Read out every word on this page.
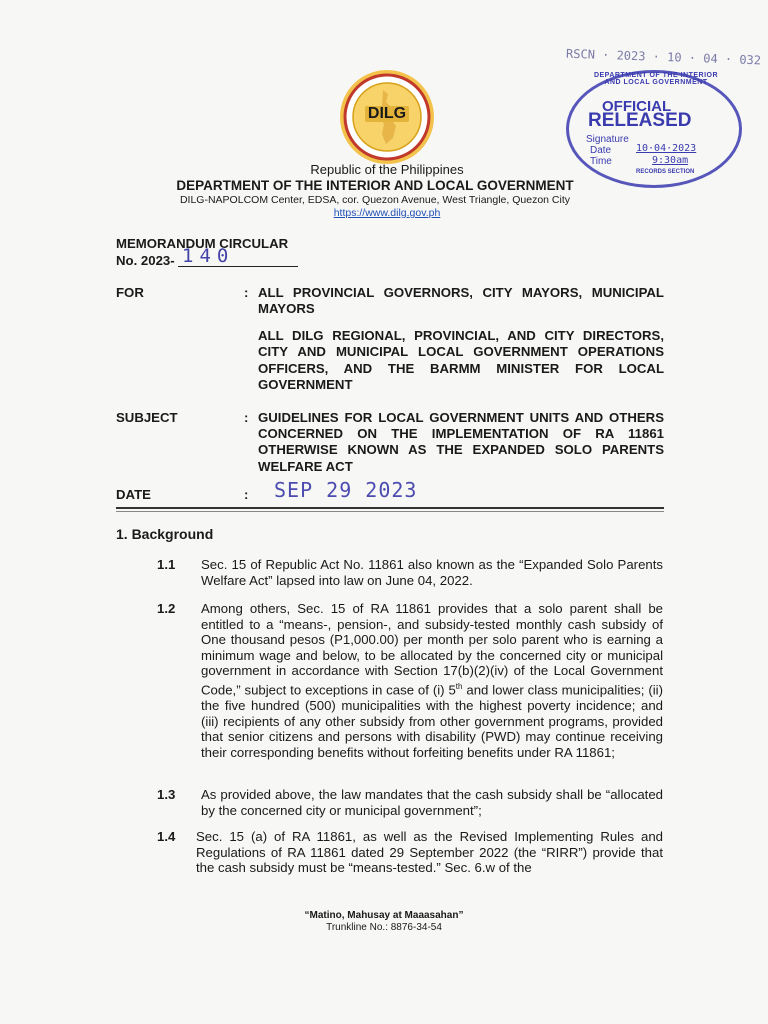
RSCN · 2023 · 10 · 04 · 032
DILG
DEPARTMENT OF THE INTERIOR AND LOCAL GOVERNMENT
OFFICIAL
RELEASED
Signature
Date 10·04·2023
Time	9:30am
RECORDS SECTION
Republic of the Philippines
DEPARTMENT OF THE INTERIOR AND LOCAL GOVERNMENT
DILG-NAPOLCOM Center, EDSA, cor. Quezon Avenue, West Triangle, Quezon City
https://www.dilg.gov.ph
MEMORANDUM CIRCULAR
No. 2023- 140
FOR	: ALL PROVINCIAL GOVERNORS, CITY MAYORS, MUNICIPAL MAYORS
ALL DILG REGIONAL, PROVINCIAL, AND CITY DIRECTORS, CITY AND MUNICIPAL LOCAL GOVERNMENT OPERATIONS OFFICERS, AND THE BARMM MINISTER FOR LOCAL GOVERNMENT
SUBJECT	: GUIDELINES FOR LOCAL GOVERNMENT UNITS AND OTHERS CONCERNED ON THE IMPLEMENTATION OF RA 11861 OTHERWISE KNOWN AS THE EXPANDED SOLO PARENTS WELFARE ACT
DATE	: SEP 29 2023
1. Background
1.1 Sec. 15 of Republic Act No. 11861 also known as the “Expanded Solo Parents Welfare Act” lapsed into law on June 04, 2022.
1.2 Among others, Sec. 15 of RA 11861 provides that a solo parent shall be entitled to a “means-, pension-, and subsidy-tested monthly cash subsidy of One thousand pesos (P1,000.00) per month per solo parent who is earning a minimum wage and below, to be allocated by the concerned city or municipal government in accordance with Section 17(b)(2)(iv) of the Local Government Code,” subject to exceptions in case of (i) 5th and lower class municipalities; (ii) the five hundred (500) municipalities with the highest poverty incidence; and (iii) recipients of any other subsidy from other government programs, provided that senior citizens and persons with disability (PWD) may continue receiving their corresponding benefits without forfeiting benefits under RA 11861;
1.3 As provided above, the law mandates that the cash subsidy shall be “allocated by the concerned city or municipal government”;
1.4 Sec. 15 (a) of RA 11861, as well as the Revised Implementing Rules and Regulations of RA 11861 dated 29 September 2022 (the “RIRR”) provide that the cash subsidy must be “means-tested.” Sec. 6.w of the
“Matino, Mahusay at Maaasahan”
Trunkline No.: 8876-34-54
